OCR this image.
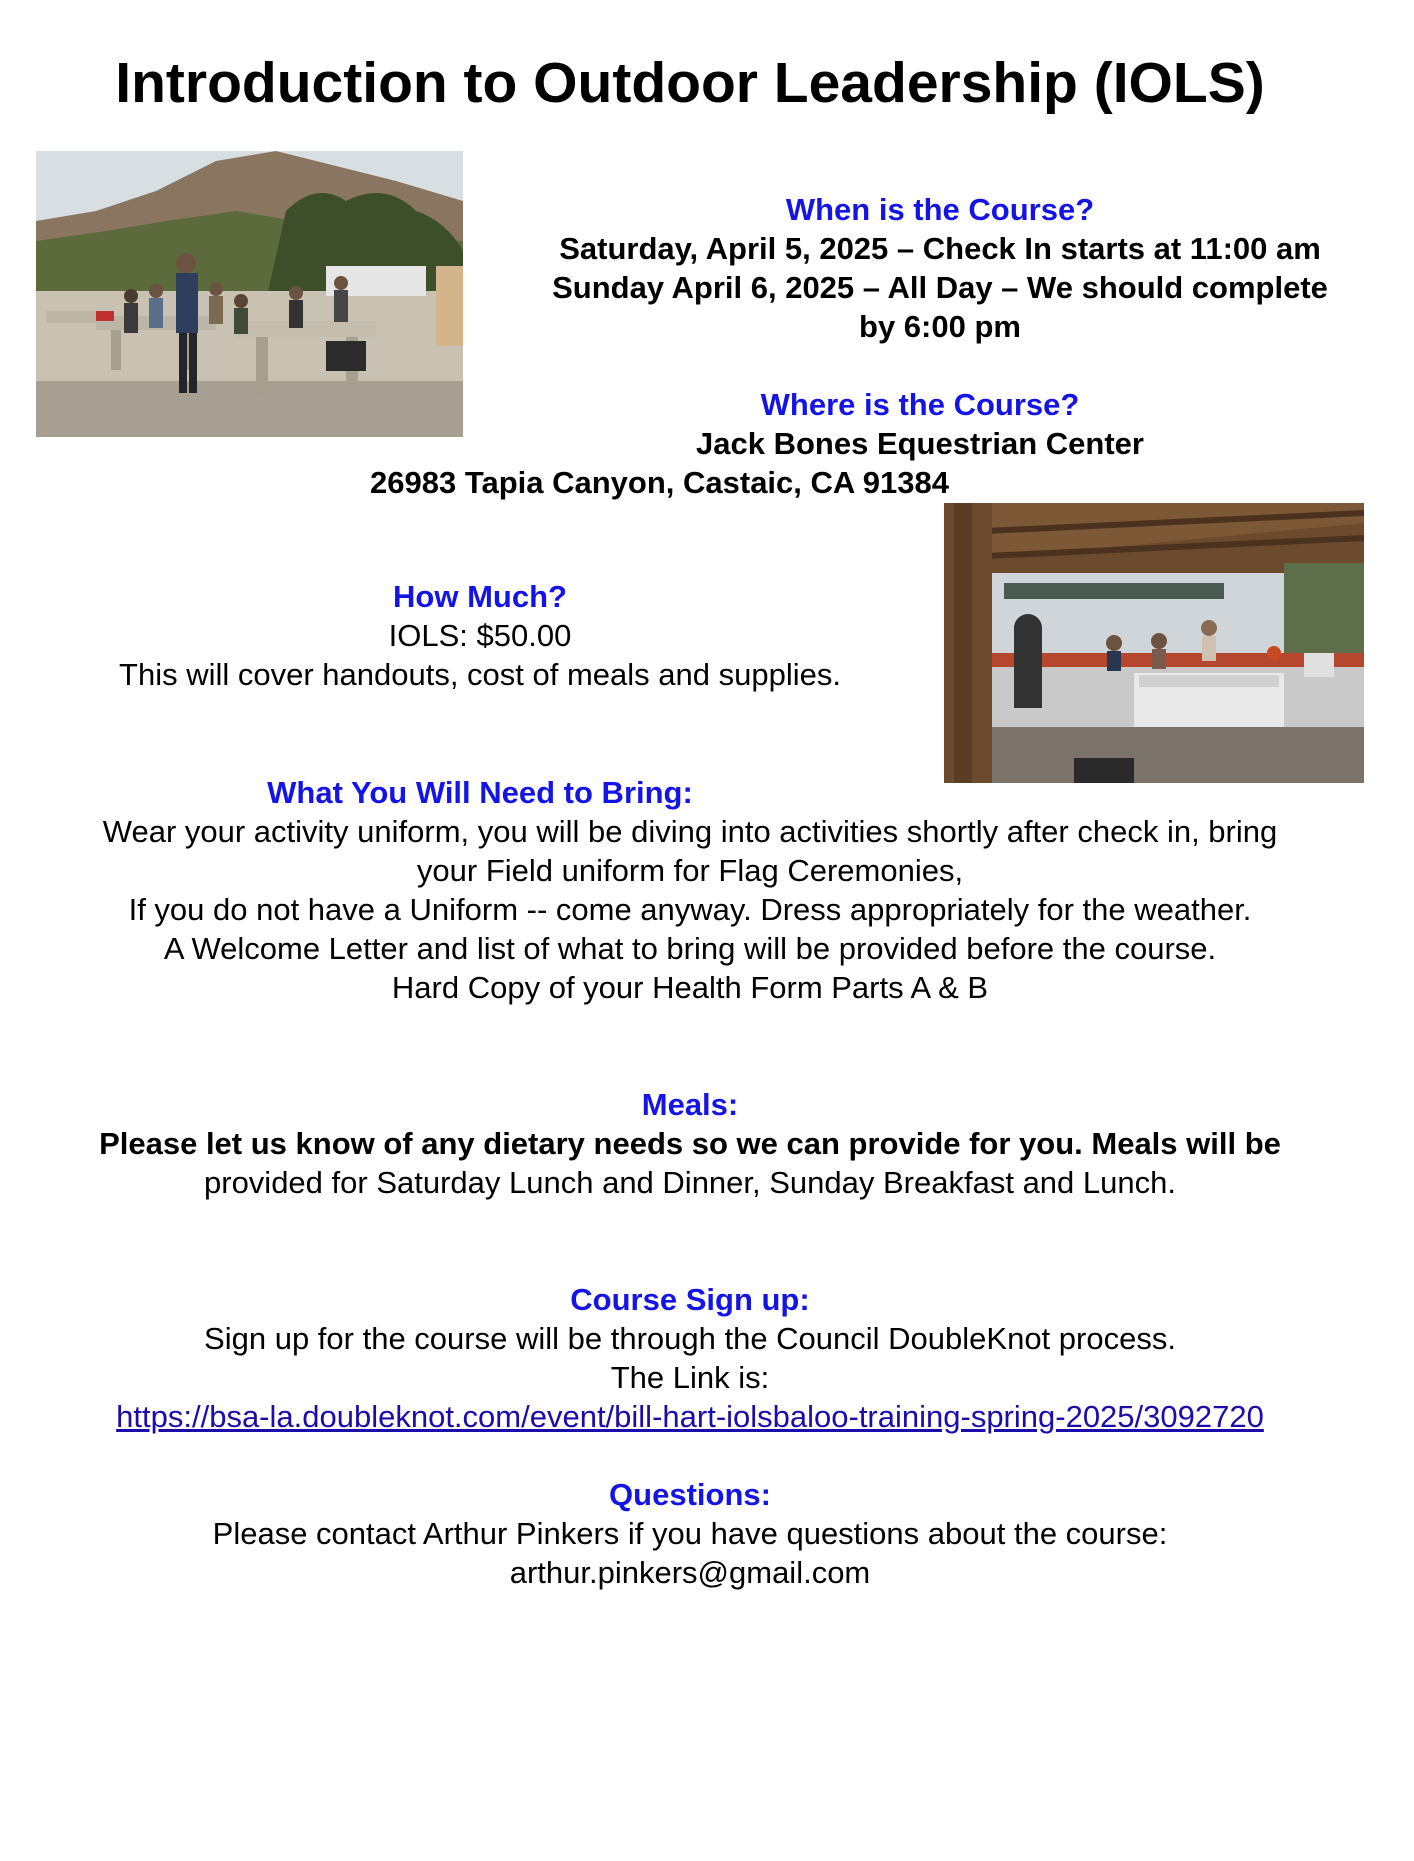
Introduction to Outdoor Leadership (IOLS)
When is the Course?
Saturday, April 5, 2025 – Check In starts at 11:00 am
Sunday April 6, 2025 – All Day – We should complete
by 6:00 pm
Where is the Course?
Jack Bones Equestrian Center
26983 Tapia Canyon, Castaic, CA 91384
How Much?
IOLS: $50.00
This will cover handouts, cost of meals and supplies.
What You Will Need to Bring:
Wear your activity uniform, you will be diving into activities shortly after check in, bring
your Field uniform for Flag Ceremonies,
If you do not have a Uniform -- come anyway. Dress appropriately for the weather.
A Welcome Letter and list of what to bring will be provided before the course.
Hard Copy of your Health Form Parts A & B
Meals:
Please let us know of any dietary needs so we can provide for you. Meals will be
provided for Saturday Lunch and Dinner, Sunday Breakfast and Lunch.
Course Sign up:
Sign up for the course will be through the Council DoubleKnot process.
The Link is:
https://bsa-la.doubleknot.com/event/bill-hart-iolsbaloo-training-spring-2025/3092720
Questions:
Please contact Arthur Pinkers if you have questions about the course:
arthur.pinkers@gmail.com
